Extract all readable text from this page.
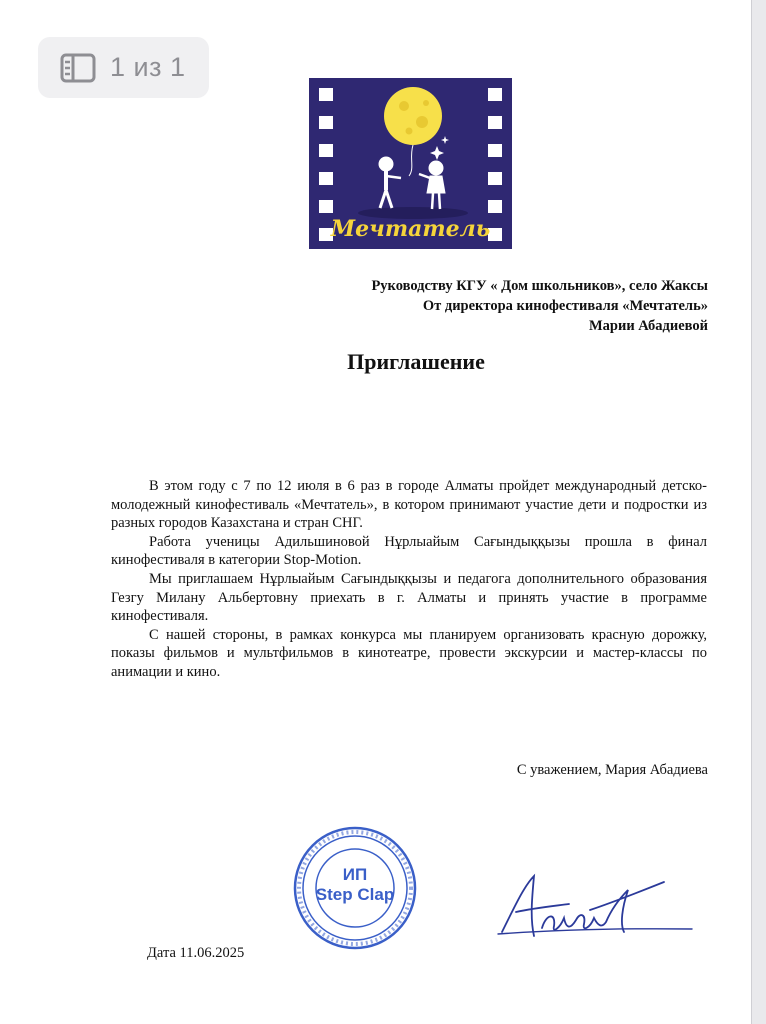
1 из 1
Мечтатель
Руководству КГУ « Дом школьников», село Жаксы
От директора кинофестиваля «Мечтатель»
Марии Абадиевой
Приглашение

В этом году с 7 по 12 июля в 6 раз в городе Алматы пройдет международный детско-молодежный кинофестиваль «Мечтатель», в котором принимают участие дети и подростки из разных городов Казахстана и стран СНГ.

Работа ученицы Адильшиновой Нұрлыайым Сағындыққызы прошла в финал кинофестиваля в категории Stop-Motion.

Мы приглашаем Нұрлыайым Сағындыққызы и педагога дополнительного образования Гезгу Милану Альбертовну приехать в г. Алматы и принять участие в программе кинофестиваля.

С нашей стороны, в рамках конкурса мы планируем организовать красную дорожку, показы фильмов и мультфильмов в кинотеатре, провести экскурсии и мастер-классы по анимации и кино.

С уважением, Мария Абадиева
ИП
Step Clap
Дата 11.06.2025
